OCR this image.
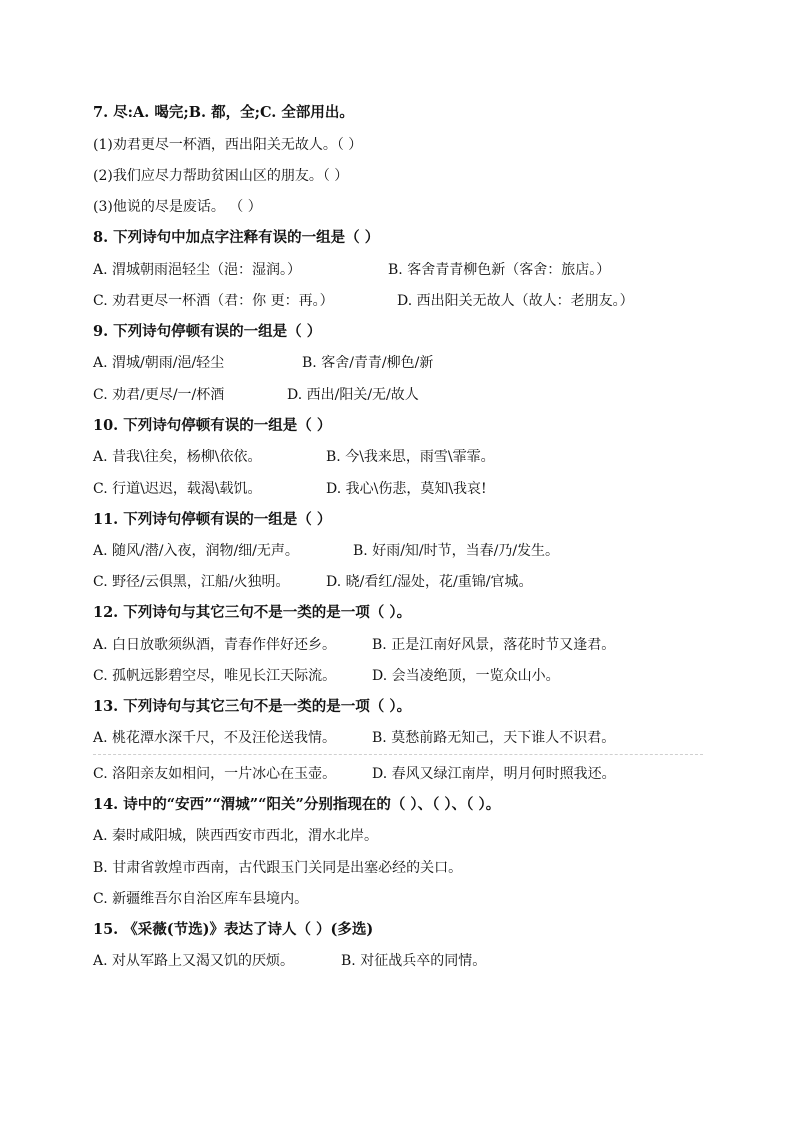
7. 尽:A. 喝完;B. 都，全;C. 全部用出。
(1)劝君更尽一杯酒，西出阳关无故人。（ ）
(2)我们应尽力帮助贫困山区的朋友。（ ）
(3)他说的尽是废话。 （ ）
8. 下列诗句中加点字注释有误的一组是（ ）
A. 渭城朝雨浥轻尘（浥：湿润。）	B. 客舍青青柳色新（客舍：旅店。）
C. 劝君更尽一杯酒（君：你 更：再。）	D. 西出阳关无故人（故人：老朋友。）
9. 下列诗句停顿有误的一组是（ ）
A. 渭城/朝雨/浥/轻尘	B. 客舍/青青/柳色/新
C. 劝君/更尽/一/杯酒	D. 西出/阳关/无/故人
10. 下列诗句停顿有误的一组是（ ）
A. 昔我\往矣，杨柳\依依。	B. 今\我来思，雨雪\霏霏。
C. 行道\迟迟，载渴\载饥。	D. 我心\伤悲，莫知\我哀!
11. 下列诗句停顿有误的一组是（ ）
A. 随风/潜/入夜，润物/细/无声。	B. 好雨/知/时节，当春/乃/发生。
C. 野径/云俱黑，江船/火独明。	D. 晓/看红/湿处，花/重锦/官城。
12. 下列诗句与其它三句不是一类的是一项（ ）。
A. 白日放歌须纵酒，青春作伴好还乡。	B. 正是江南好风景，落花时节又逢君。
C. 孤帆远影碧空尽，唯见长江天际流。	D. 会当凌绝顶，一览众山小。
13. 下列诗句与其它三句不是一类的是一项（ ）。
A. 桃花潭水深千尺，不及汪伦送我情。	B. 莫愁前路无知己，天下谁人不识君。
C. 洛阳亲友如相问，一片冰心在玉壶。	D. 春风又绿江南岸，明月何时照我还。
14. 诗中的“安西”“渭城”“阳关”分别指现在的（ ）、（ ）、（ ）。
A. 秦时咸阳城，陕西西安市西北，渭水北岸。
B. 甘肃省敦煌市西南，古代跟玉门关同是出塞必经的关口。
C. 新疆维吾尔自治区库车县境内。
15. 《采薇(节选)》表达了诗人（ ）(多选)
A. 对从军路上又渴又饥的厌烦。	B. 对征战兵卒的同情。
